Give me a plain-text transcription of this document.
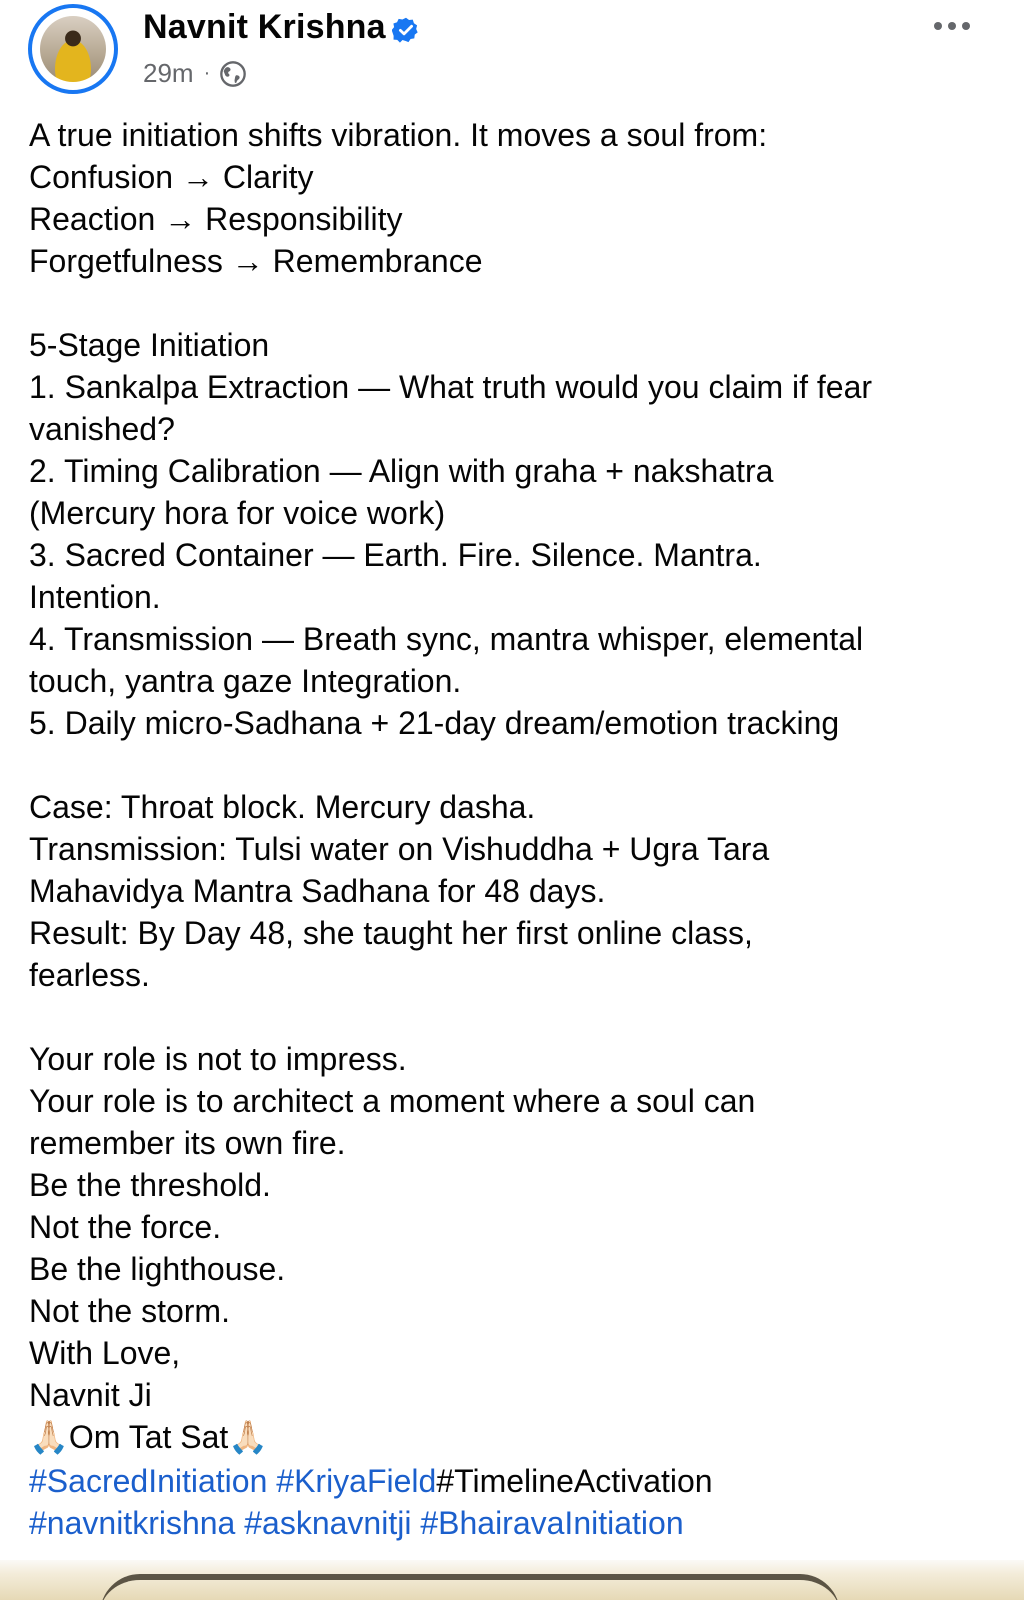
Navnit Krishna
29m ·
A true initiation shifts vibration. It moves a soul from:
Confusion → Clarity
Reaction → Responsibility
Forgetfulness → Remembrance
5-Stage Initiation
1. Sankalpa Extraction — What truth would you claim if fear
vanished?
2. Timing Calibration — Align with graha + nakshatra
(Mercury hora for voice work)
3. Sacred Container — Earth. Fire. Silence. Mantra.
Intention.
4. Transmission — Breath sync, mantra whisper, elemental
touch, yantra gaze Integration.
5. Daily micro-Sadhana + 21-day dream/emotion tracking
Case: Throat block. Mercury dasha.
Transmission: Tulsi water on Vishuddha + Ugra Tara
Mahavidya Mantra Sadhana for 48 days.
Result: By Day 48, she taught her first online class,
fearless.
Your role is not to impress.
Your role is to architect a moment where a soul can
remember its own fire.
Be the threshold.
Not the force.
Be the lighthouse.
Not the storm.
With Love,
Navnit Ji
🙏🏻Om Tat Sat🙏🏻
#SacredInitiation #KriyaField#TimelineActivation
#navnitkrishna #asknavnitji #BhairavaInitiation
